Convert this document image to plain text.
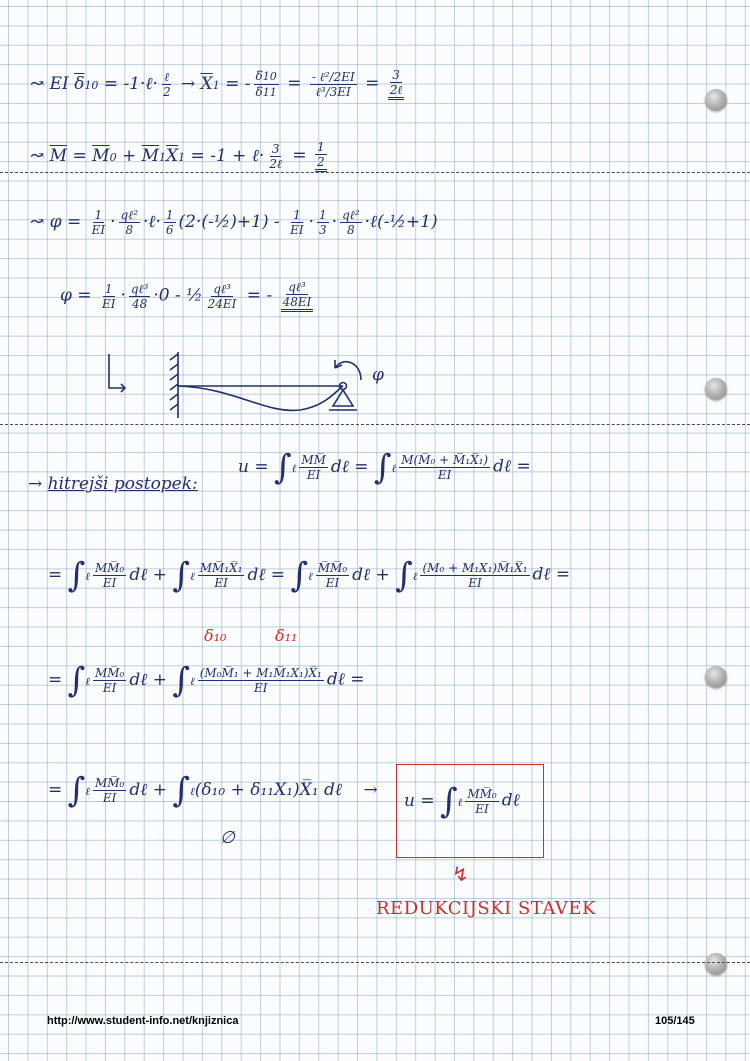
↝ EI $\overline{\delta}10$ = -1·ℓ· $\frac{\text{ℓ}}{2} \to \overline{X}1$ = - $\frac{\delta̅10}{\delta̅11} = \frac{\text{- ℓ²/2EI}}{\text{ℓ³/3EI}} = \frac{3}{\text{2ℓ}}$
↝ $\overline{M} = \overline{M}0 + \overline{M}1\overline{X}1 = -1$ + ℓ· $\frac{3}{\text{2ℓ}} = \frac{1}{2}$
↝ $\varphi = \frac{1}{EI} \cdot \frac{\text{qℓ²}}{8}$ ·ℓ· $\frac{1}{6}$ (2·(-½)+1) - $\frac{1}{EI} \cdot \frac{1}{3} \cdot \frac{\text{qℓ²}}{8}$ ·ℓ(-½+1)
$\varphi = \frac{1}{EI} \cdot \frac{\text{qℓ³}}{48} \cdot 0$ - ½ $\frac{\text{qℓ³}}{24EI}$ = - $\frac{\text{qℓ³}}{48EI}$
φ
→ hitrejši postopek:
u = ∫ℓ $\frac{MM̅}{EI}$ dℓ = ∫ℓ $\frac{\text{M(M̅₀ + M̅₁X̅₁)}}{EI}$ dℓ =
= ∫ℓ $\frac{\text{MM̅₀}}{EI}$ dℓ + ∫ℓ $\frac{\text{MM̅₁X̅₁}}{EI}$ dℓ = ∫ℓ $\frac{\text{M̅M̅₀}}{EI}$ dℓ + ∫ℓ $\frac{\text{(M₀ + M₁X₁)M̅₁X̅₁}}{EI}$ dℓ =
δ₁₀	δ₁₁
= ∫ℓ $\frac{\text{MM̅₀}}{EI}$ dℓ + ∫ℓ $\frac{\text{(M₀M̅₁ + M₁M̅₁X₁)X̅₁}}{EI}$ dℓ =
= ∫ℓ $\frac{\text{MM̅₀}}{EI}$ dℓ + ∫ℓ(δ₁₀ + δ₁₁X₁)X̅₁ dℓ    →
∅
u = ∫ℓ $\frac{\text{MM̅₀}}{EI}$ dℓ
↯
REDUKCIJSKI STAVEK
http://www.student-info.net/knjiznica	105/145
